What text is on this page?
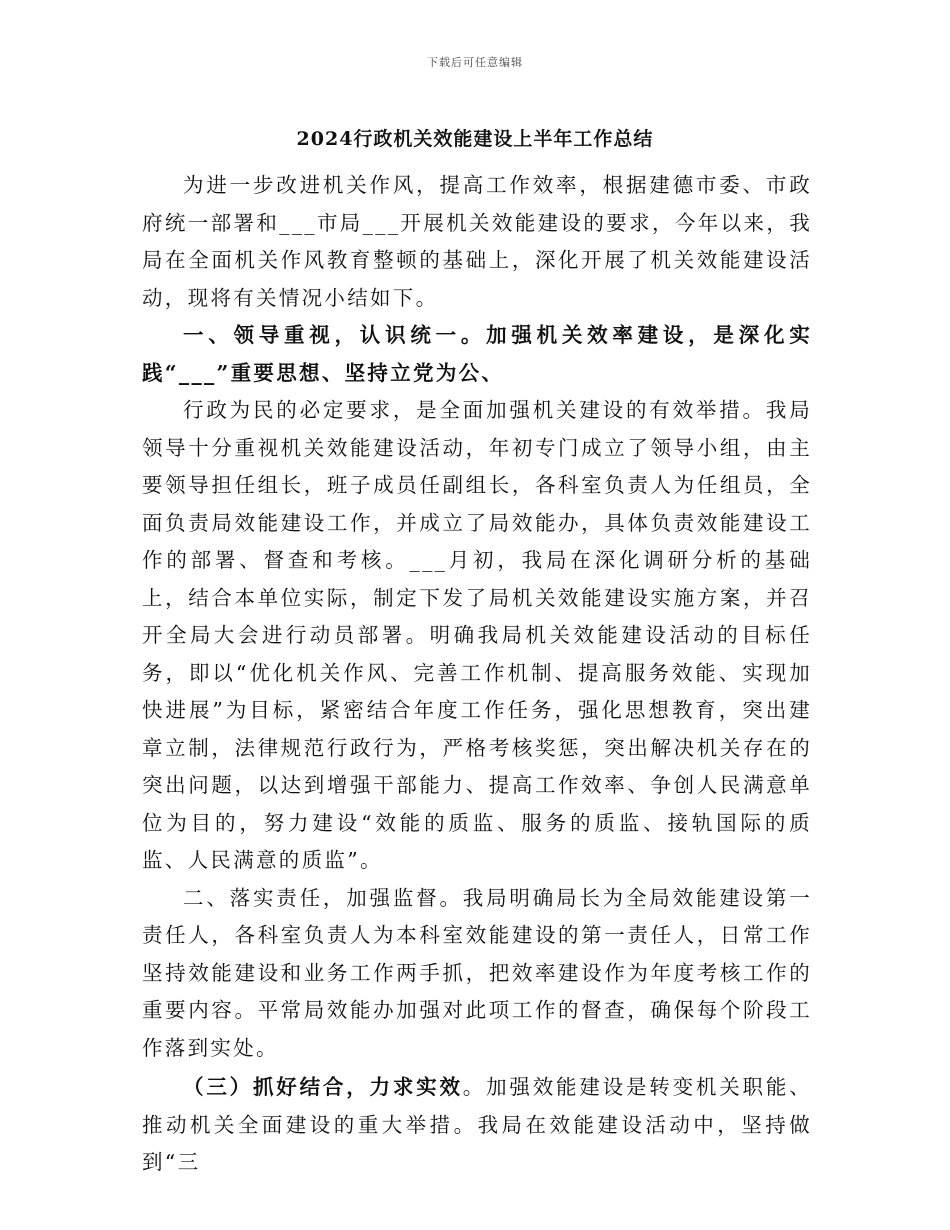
下载后可任意编辑
2024行政机关效能建设上半年工作总结

为进一步改进机关作风，提高工作效率，根据建德市委、市政府统一部署和___市局___开展机关效能建设的要求，今年以来，我局在全面机关作风教育整顿的基础上，深化开展了机关效能建设活动，现将有关情况小结如下。

一、领导重视，认识统一。加强机关效率建设，是深化实践“___”重要思想、坚持立党为公、

行政为民的必定要求，是全面加强机关建设的有效举措。我局领导十分重视机关效能建设活动，年初专门成立了领导小组，由主要领导担任组长，班子成员任副组长，各科室负责人为任组员，全面负责局效能建设工作，并成立了局效能办，具体负责效能建设工作的部署、督查和考核。___月初，我局在深化调研分析的基础上，结合本单位实际，制定下发了局机关效能建设实施方案，并召开全局大会进行动员部署。明确我局机关效能建设活动的目标任务，即以“优化机关作风、完善工作机制、提高服务效能、实现加快进展”为目标，紧密结合年度工作任务，强化思想教育，突出建章立制，法律规范行政行为，严格考核奖惩，突出解决机关存在的突出问题，以达到增强干部能力、提高工作效率、争创人民满意单位为目的，努力建设“效能的质监、服务的质监、接轨国际的质监、人民满意的质监”。

二、落实责任，加强监督。我局明确局长为全局效能建设第一责任人，各科室负责人为本科室效能建设的第一责任人，日常工作坚持效能建设和业务工作两手抓，把效率建设作为年度考核工作的重要内容。平常局效能办加强对此项工作的督查，确保每个阶段工作落到实处。

（三）抓好结合，力求实效。加强效能建设是转变机关职能、推动机关全面建设的重大举措。我局在效能建设活动中，坚持做到“三
